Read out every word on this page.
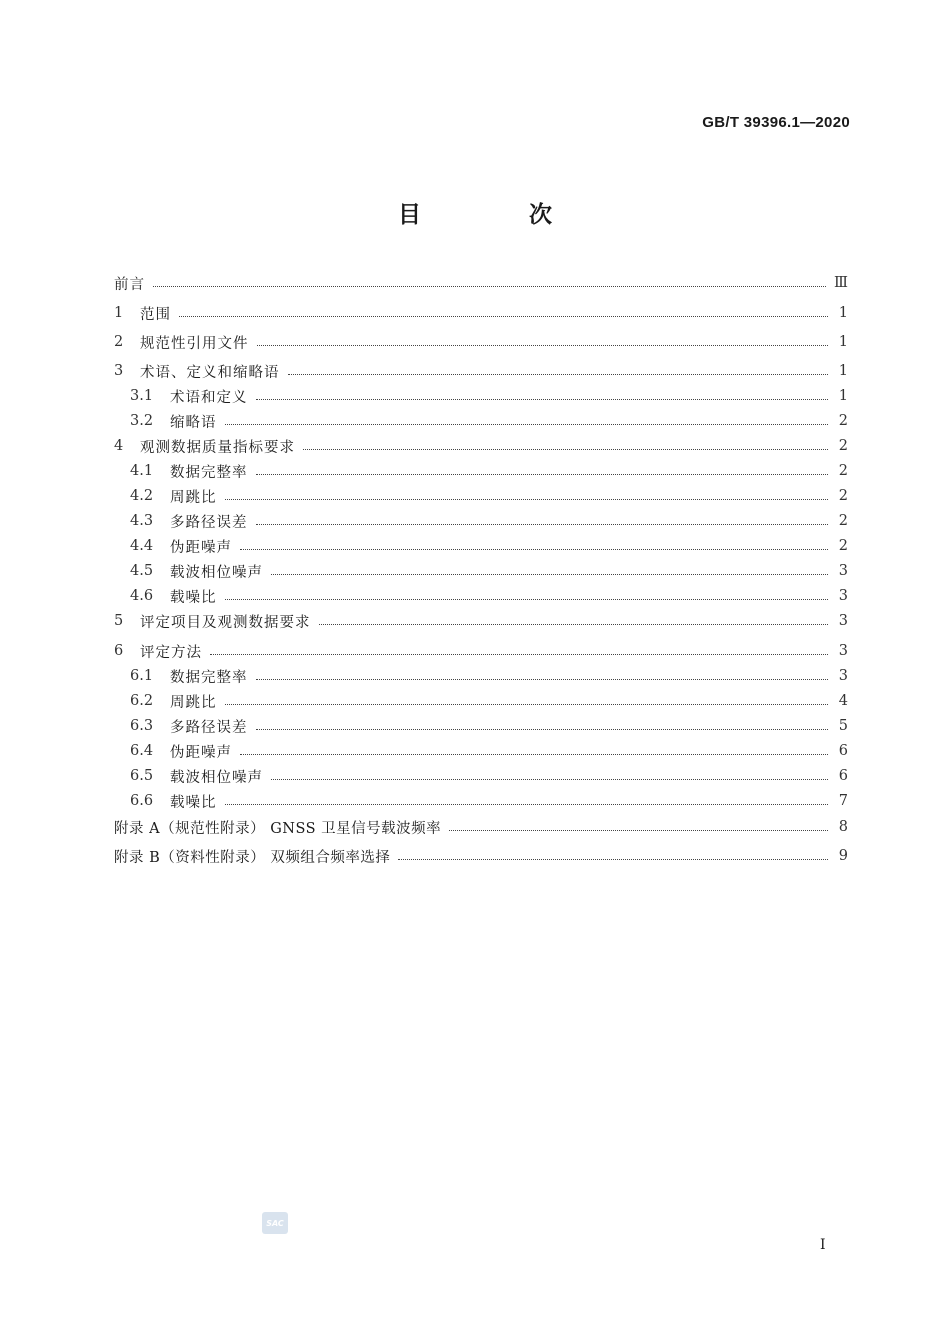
GB/T 39396.1—2020
目 次
前言	Ⅲ
1	范围	1
2	规范性引用文件	1
3	术语、定义和缩略语	1
3.1	术语和定义	1
3.2	缩略语	2
4	观测数据质量指标要求	2
4.1	数据完整率	2
4.2	周跳比	2
4.3	多路径误差	2
4.4	伪距噪声	2
4.5	载波相位噪声	3
4.6	载噪比	3
5	评定项目及观测数据要求	3
6	评定方法	3
6.1	数据完整率	3
6.2	周跳比	4
6.3	多路径误差	5
6.4	伪距噪声	6
6.5	载波相位噪声	6
6.6	载噪比	7
附录 A（规范性附录） GNSS 卫星信号载波频率	8
附录 B（资料性附录） 双频组合频率选择	9
SAC
I
